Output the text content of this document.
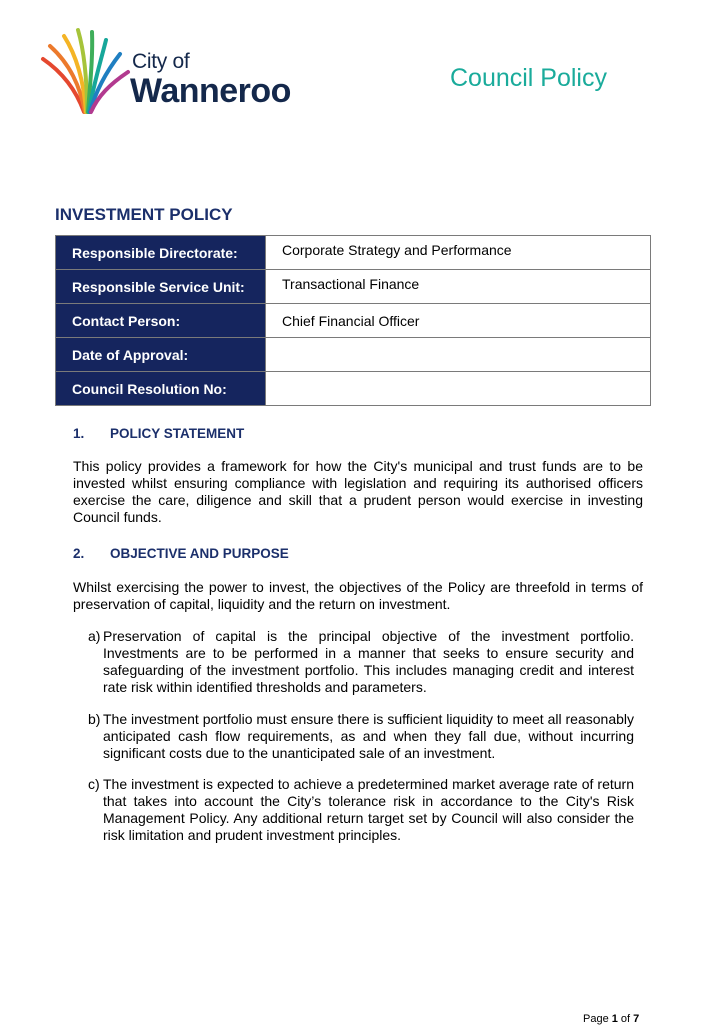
City of
Wanneroo	Council Policy
INVESTMENT POLICY
Responsible Directorate:	Corporate Strategy and Performance
Responsible Service Unit:	Transactional Finance
Contact Person:	Chief Financial Officer
Date of Approval:	
Council Resolution No:	
1. POLICY STATEMENT

This policy provides a framework for how the City's municipal and trust funds are to be invested whilst ensuring compliance with legislation and requiring its authorised officers exercise the care, diligence and skill that a prudent person would exercise in investing Council funds.

2. OBJECTIVE AND PURPOSE

Whilst exercising the power to invest, the objectives of the Policy are threefold in terms of preservation of capital, liquidity and the return on investment.

a) Preservation of capital is the principal objective of the investment portfolio. Investments are to be performed in a manner that seeks to ensure security and safeguarding of the investment portfolio. This includes managing credit and interest rate risk within identified thresholds and parameters.
b) The investment portfolio must ensure there is sufficient liquidity to meet all reasonably anticipated cash flow requirements, as and when they fall due, without incurring significant costs due to the unanticipated sale of an investment.
c) The investment is expected to achieve a predetermined market average rate of return that takes into account the City’s tolerance risk in accordance to the City's Risk Management Policy. Any additional return target set by Council will also consider the risk limitation and prudent investment principles.
Page 1 of 7
